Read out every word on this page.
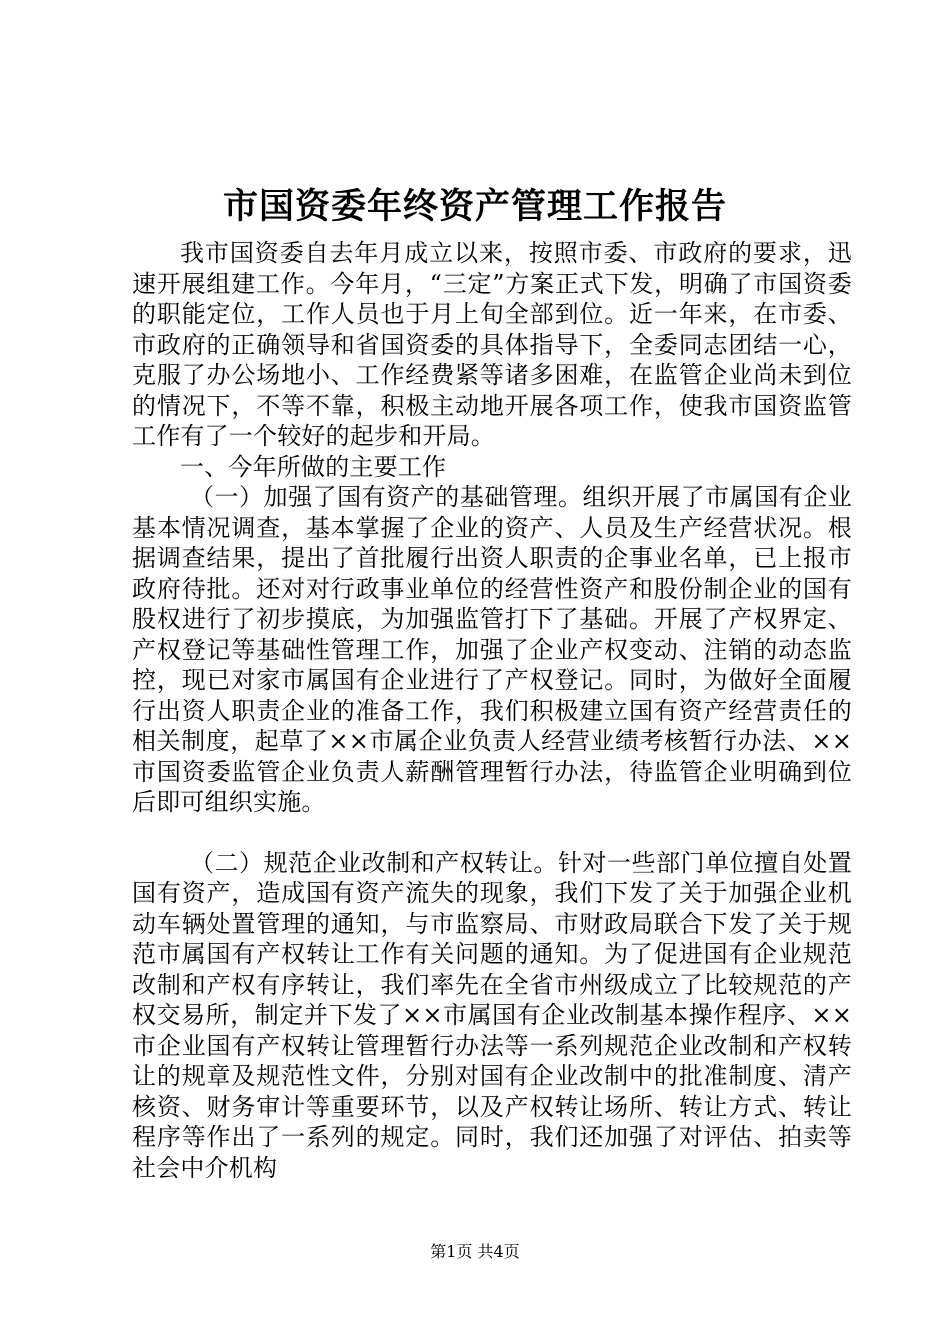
市国资委年终资产管理工作报告

我市国资委自去年月成立以来，按照市委、市政府的要求，迅速开展组建工作。今年月，“三定”方案正式下发，明确了市国资委的职能定位，工作人员也于月上旬全部到位。近一年来，在市委、市政府的正确领导和省国资委的具体指导下，全委同志团结一心，克服了办公场地小、工作经费紧等诸多困难，在监管企业尚未到位的情况下，不等不靠，积极主动地开展各项工作，使我市国资监管工作有了一个较好的起步和开局。

一、今年所做的主要工作

（一）加强了国有资产的基础管理。组织开展了市属国有企业基本情况调查，基本掌握了企业的资产、人员及生产经营状况。根据调查结果，提出了首批履行出资人职责的企事业名单，已上报市政府待批。还对对行政事业单位的经营性资产和股份制企业的国有股权进行了初步摸底，为加强监管打下了基础。开展了产权界定、产权登记等基础性管理工作，加强了企业产权变动、注销的动态监控，现已对家市属国有企业进行了产权登记。同时，为做好全面履行出资人职责企业的准备工作，我们积极建立国有资产经营责任的相关制度，起草了××市属企业负责人经营业绩考核暂行办法、××市国资委监管企业负责人薪酬管理暂行办法，待监管企业明确到位后即可组织实施。

（二）规范企业改制和产权转让。针对一些部门单位擅自处置国有资产，造成国有资产流失的现象，我们下发了关于加强企业机动车辆处置管理的通知，与市监察局、市财政局联合下发了关于规范市属国有产权转让工作有关问题的通知。为了促进国有企业规范改制和产权有序转让，我们率先在全省市州级成立了比较规范的产权交易所，制定并下发了××市属国有企业改制基本操作程序、××市企业国有产权转让管理暂行办法等一系列规范企业改制和产权转让的规章及规范性文件，分别对国有企业改制中的批准制度、清产核资、财务审计等重要环节，以及产权转让场所、转让方式、转让程序等作出了一系列的规定。同时，我们还加强了对评估、拍卖等社会中介机构

第1页 共4页
